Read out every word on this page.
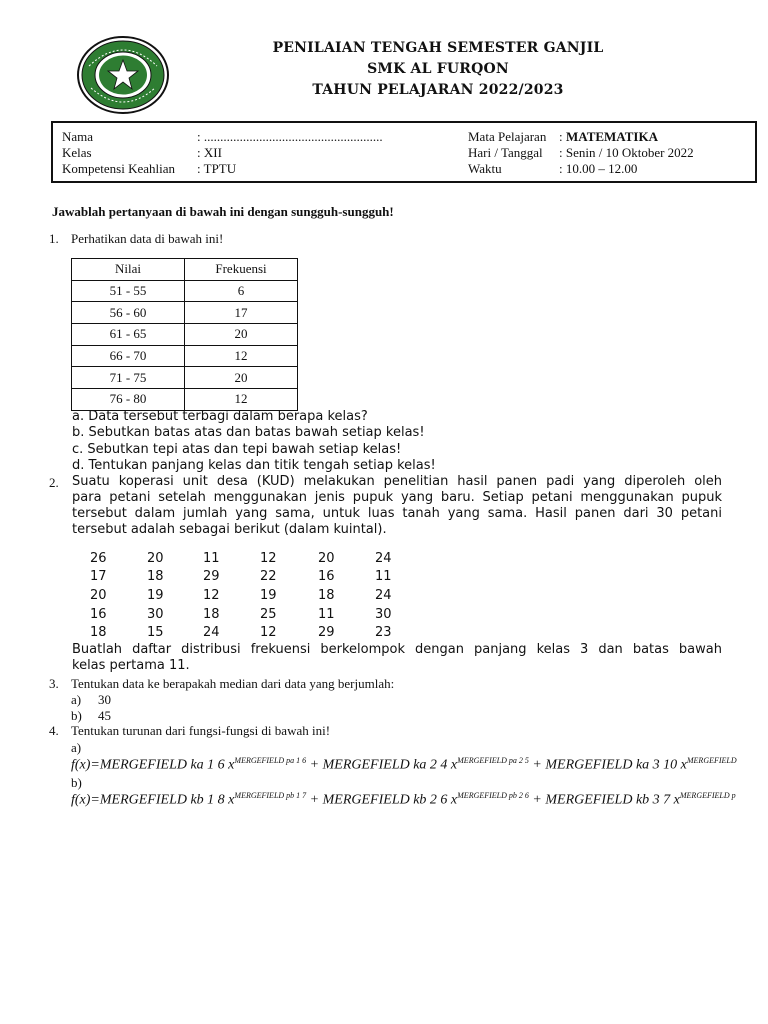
PENILAIAN TENGAH SEMESTER GANJIL
SMK AL FURQON
TAHUN PELAJARAN 2022/2023
Nama	: .......................................................
Kelas	: XII
Kompetensi Keahlian : TPTU
Mata Pelajaran : MATEMATIKA
Hari / Tanggal : Senin / 10 Oktober 2022
Waktu	: 10.00 – 12.00
Jawablah pertanyaan di bawah ini dengan sungguh-sungguh!
1. Perhatikan data di bawah ini!
Nilai	Frekuensi
51 - 55	6
56 - 60	17
61 - 65	20
66 - 70	12
71 - 75	20
76 - 80	12
a. Data tersebut terbagi dalam berapa kelas?
b. Sebutkan batas atas dan batas bawah setiap kelas!
c. Sebutkan tepi atas dan tepi bawah setiap kelas!
d. Tentukan panjang kelas dan titik tengah setiap kelas!
2. Suatu koperasi unit desa (KUD) melakukan penelitian hasil panen padi yang diperoleh oleh
para petani setelah menggunakan jenis pupuk yang baru. Setiap petani menggunakan pupuk
tersebut dalam jumlah yang sama, untuk luas tanah yang sama. Hasil panen dari 30 petani
tersebut adalah sebagai berikut (dalam kuintal).
26	20	11	12	20	24
17	18	29	22	16	11
20	19	12	19	18	24
16	30	18	25	11	30
18	15	24	12	29	23
Buatlah daftar distribusi frekuensi berkelompok dengan panjang kelas 3 dan batas bawah
kelas pertama 11.
3. Tentukan data ke berapakah median dari data yang berjumlah:
a) 30
b) 45
4. Tentukan turunan dari fungsi-fungsi di bawah ini!
a)
f(x)=MERGEFIELD ka 1 6 $x^{MERGEFIELD pa 1 6}$ + MERGEFIELD ka 2 4 $x^{MERGEFIELD pa 2 5}$ + MERGEFIELD ka 3 10 $x^{MERGEFIELD}$
b)
f(x)=MERGEFIELD kb 1 8 $x^{MERGEFIELD pb 1 7}$ + MERGEFIELD kb 2 6 $x^{MERGEFIELD pb 2 6}$ + MERGEFIELD kb 3 7 $x^{MERGEFIELD p}$
